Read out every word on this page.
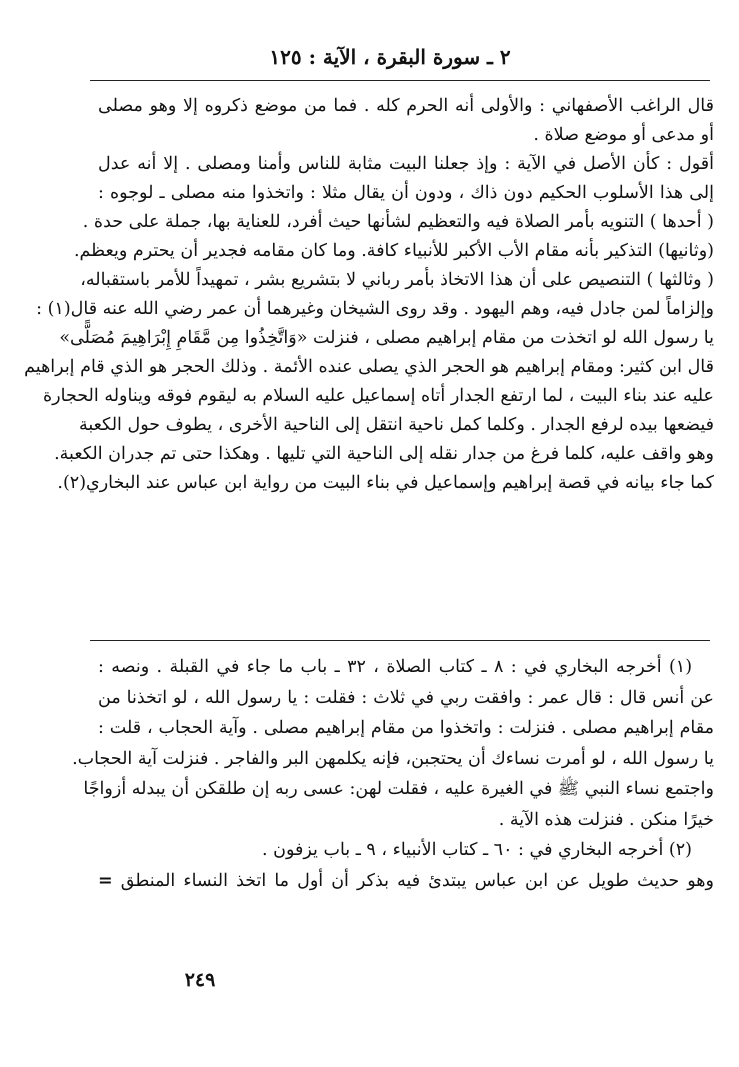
٢ ـ سورة البقرة ، الآية : ١٢٥
قال الراغب الأصفهاني : والأولى أنه الحرم كله . فما من موضع ذكروه إلا وهو مصلى
أو مدعى أو موضع صلاة .
أقول : كأن الأصل في الآية : وإذ جعلنا البيت مثابة للناس وأمنا ومصلى . إلا أنه عدل
إلى هذا الأسلوب الحكيم دون ذاك ، ودون أن يقال مثلا : واتخذوا منه مصلى ـ لوجوه :
( أحدها ) التنويه بأمر الصلاة فيه والتعظيم لشأنها حيث أفرد، للعناية بها، جملة على حدة .
(وثانيها) التذكير بأنه مقام الأب الأكبر للأنبياء كافة. وما كان مقامه فجدير أن يحترم ويعظم.
( وثالثها ) التنصيص على أن هذا الاتخاذ بأمر رباني لا بتشريع بشر ، تمهيداً للأمر باستقباله،
وإلزاماً لمن جادل فيه، وهم اليهود . وقد روى الشيخان وغيرهما أن عمر رضي الله عنه قال(١) :
يا رسول الله لو اتخذت من مقام إبراهيم مصلى ، فنزلت «وَاتَّخِذُوا مِن مَّقَامِ إِبْرَاهِيمَ مُصَلًّى»
قال ابن كثير: ومقام إبراهيم هو الحجر الذي يصلى عنده الأئمة . وذلك الحجر هو الذي قام إبراهيم
عليه عند بناء البيت ، لما ارتفع الجدار أتاه إسماعيل عليه السلام به ليقوم فوقه ويناوله الحجارة
فيضعها بيده لرفع الجدار . وكلما كمل ناحية انتقل إلى الناحية الأخرى ، يطوف حول الكعبة
وهو واقف عليه، كلما فرغ من جدار نقله إلى الناحية التي تليها . وهكذا حتى تم جدران الكعبة.
كما جاء بيانه في قصة إبراهيم وإسماعيل في بناء البيت من رواية ابن عباس عند البخاري(٢).
(١) أخرجه البخاري في : ٨ ـ كتاب الصلاة ، ٣٢ ـ باب ما جاء في القبلة . ونصه :
عن أنس قال : قال عمر : وافقت ربي في ثلاث : فقلت : يا رسول الله ، لو اتخذنا من
مقام إبراهيم مصلى . فنزلت : واتخذوا من مقام إبراهيم مصلى . وآية الحجاب ، قلت :
يا رسول الله ، لو أمرت نساءك أن يحتجبن، فإنه يكلمهن البر والفاجر . فنزلت آية الحجاب.
واجتمع نساء النبي ﷺ في الغيرة عليه ، فقلت لهن: عسى ربه إن طلقكن أن يبدله أزواجًا
خيرًا منكن . فنزلت هذه الآية .
(٢) أخرجه البخاري في : ٦٠ ـ كتاب الأنبياء ، ٩ ـ باب يزفون .
وهو حديث طويل عن ابن عباس يبتدئ فيه بذكر أن أول ما اتخذ النساء المنطق =
٢٤٩
